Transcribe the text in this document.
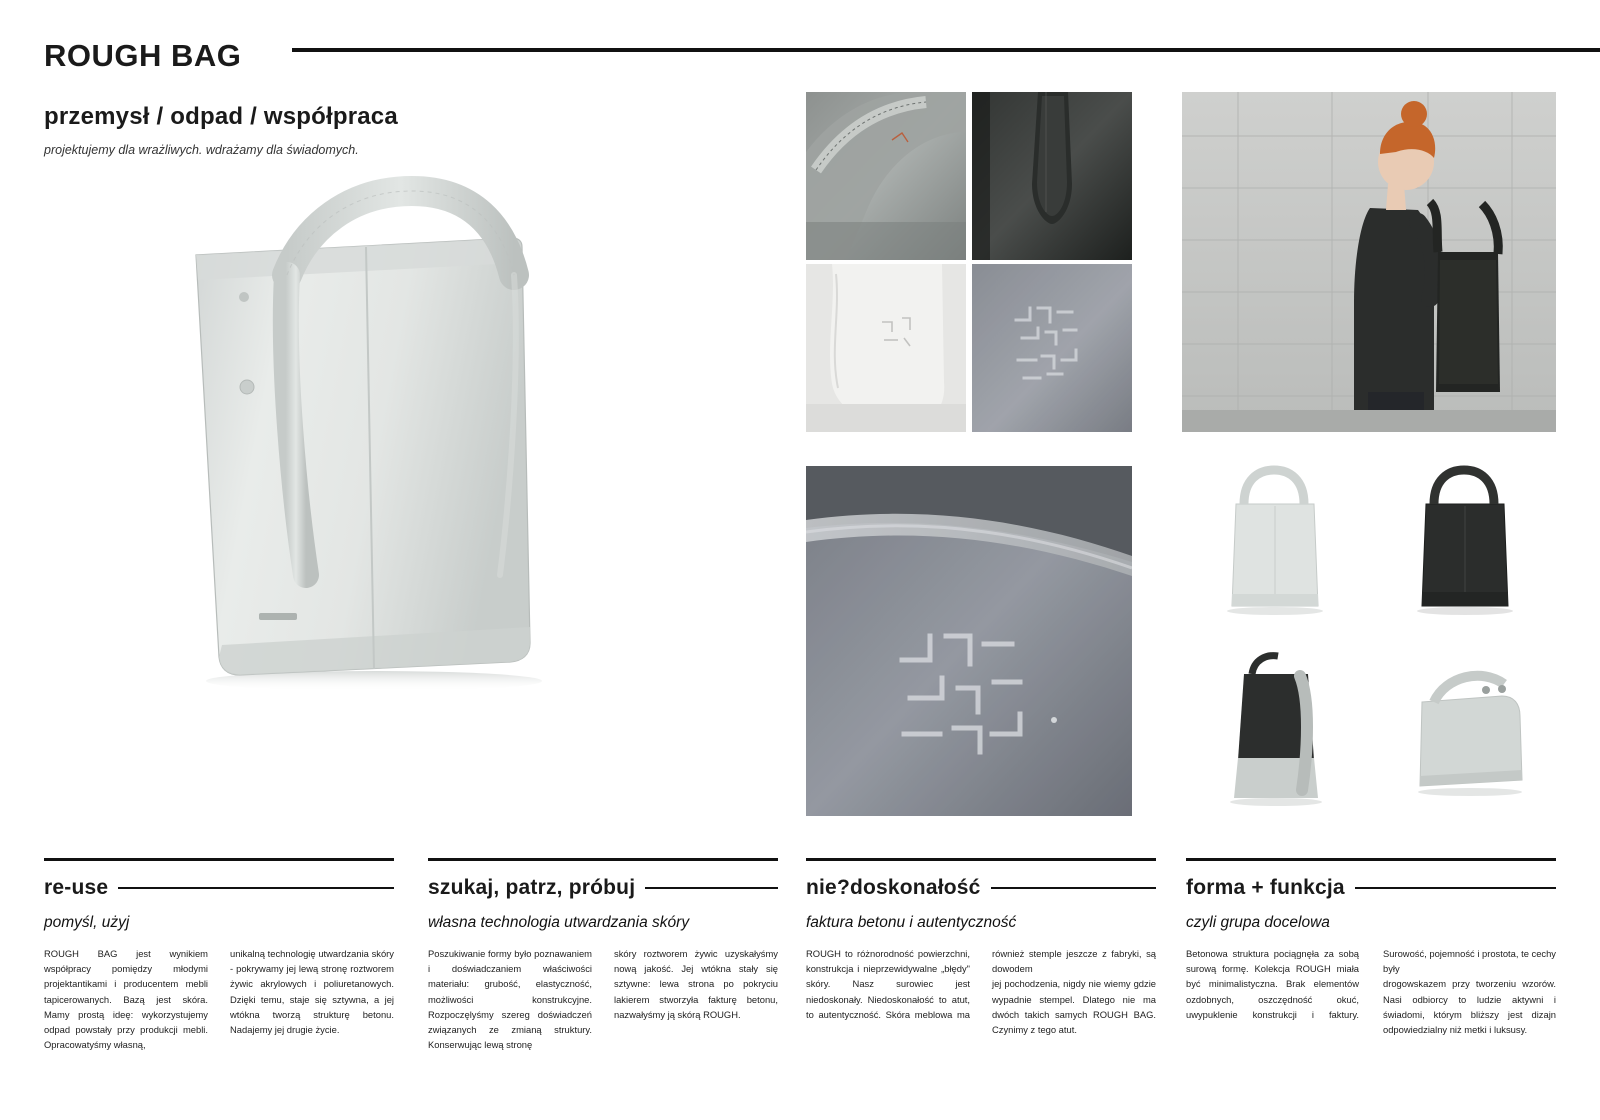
ROUGH BAG
przemysł / odpad / współpraca
projektujemy dla wrażliwych. wdrażamy dla świadomych.
re-use
pomyśl, użyj

ROUGH BAG jest wynikiem współpracy pomiędzy młodymi projektantikami i producentem mebli tapicerowanych. Bazą jest skóra. Mamy prostą ideę: wykorzystujemy odpad powstały przy produkcji mebli. Opracowatyśmy własną,

unikalną technologię utwardzania skóry - pokrywamy jej lewą stronę roztworem żywic akrylowych i poliuretanowych. Dzięki temu, staje się sztywna, a jej wtókna tworzą strukturę betonu. Nadajemy jej drugie życie.

szukaj, patrz, próbuj
własna technologia utwardzania skóry

Poszukiwanie formy było poznawaniem i doświadczaniem właściwości materiału: grubość, elastyczność, możliwości konstrukcyjne. Rozpoczęlyśmy szereg doświadczeń związanych ze zmianą struktury. Konserwując lewą stronę

skóry roztworem żywic uzyskałyśmy nową jakość. Jej wtókna stały się sztywne: lewa strona po pokryciu lakierem stworzyła fakturę betonu, nazwałyśmy ją skórą ROUGH.

nie?doskonałość
faktura betonu i autentyczność

ROUGH to różnorodność powierzchni, konstrukcja i nieprzewidywalne „błędy" skóry. Nasz surowiec jest niedoskonały. Niedoskonałość to atut, to autentyczność. Skóra meblowa ma również stemple jeszcze z fabryki, są dowodem

jej pochodzenia, nigdy nie wiemy gdzie wypadnie stempel. Dlatego nie ma dwóch takich samych ROUGH BAG. Czynimy z tego atut.

forma + funkcja
czyli grupa docelowa

Betonowa struktura pociągnęła za sobą surową formę. Kolekcja ROUGH miała być minimalistyczna. Brak elementów ozdobnych, oszczędność okuć, uwypuklenie konstrukcji i faktury. Surowość, pojemność i prostota, te cechy były

drogowskazem przy tworzeniu wzorów. Nasi odbiorcy to ludzie aktywni i świadomi, którym bliższy jest dizajn odpowiedzialny niż metki i luksusy.
